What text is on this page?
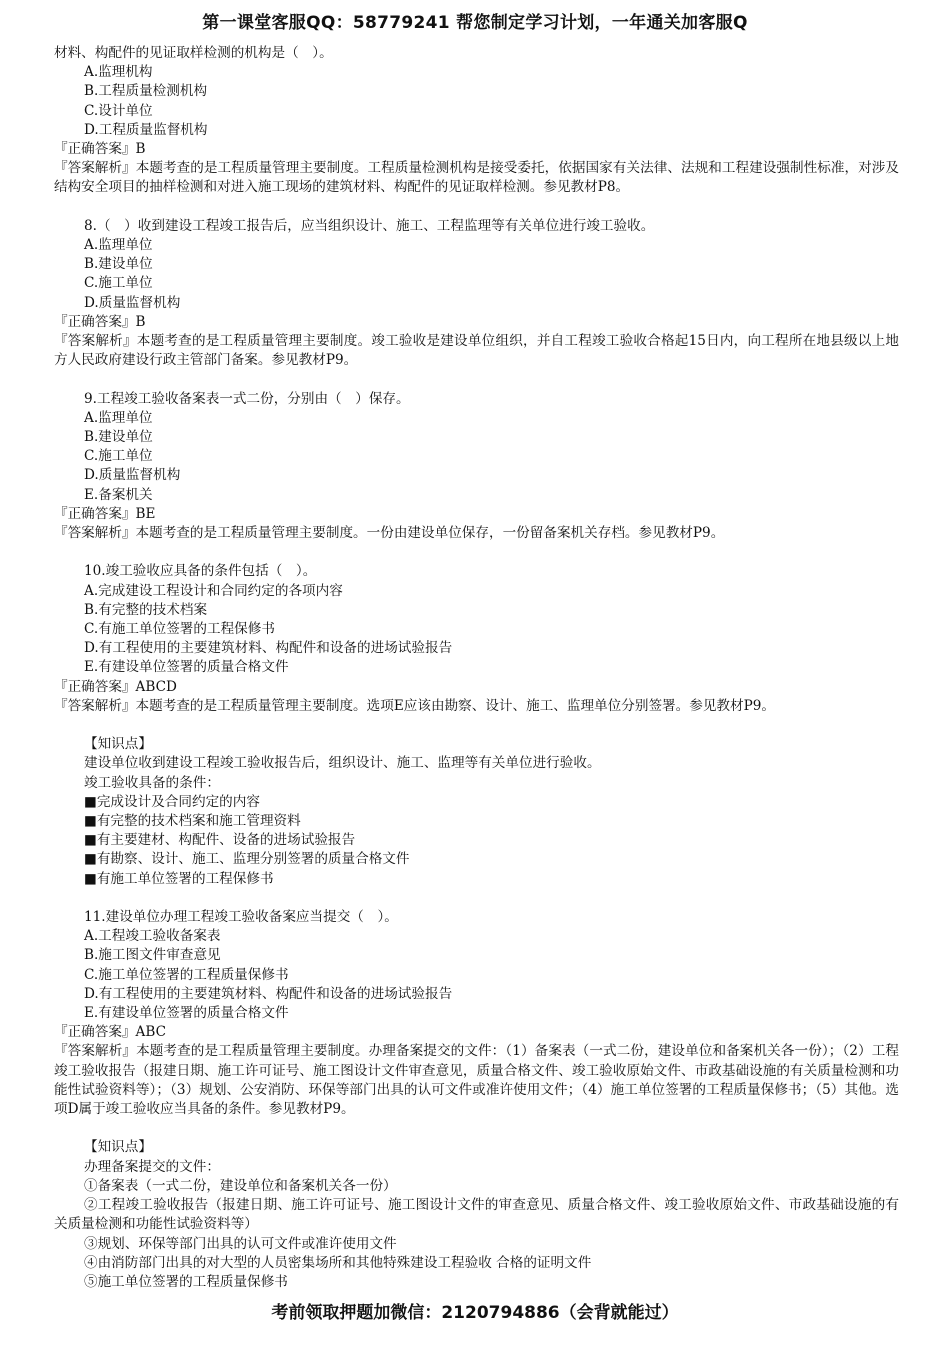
第一课堂客服QQ：58779241 帮您制定学习计划，一年通关加客服Q
材料、构配件的见证取样检测的机构是（　）。
A.监理机构
B.工程质量检测机构
C.设计单位
D.工程质量监督机构
『正确答案』B
『答案解析』本题考查的是工程质量管理主要制度。工程质量检测机构是接受委托，依据国家有关法律、法规和工程建设强制性标准，对涉及结构安全项目的抽样检测和对进入施工现场的建筑材料、构配件的见证取样检测。参见教材P8。
8.（　）收到建设工程竣工报告后，应当组织设计、施工、工程监理等有关单位进行竣工验收。
A.监理单位
B.建设单位
C.施工单位
D.质量监督机构
『正确答案』B
『答案解析』本题考查的是工程质量管理主要制度。竣工验收是建设单位组织，并自工程竣工验收合格起15日内，向工程所在地县级以上地方人民政府建设行政主管部门备案。参见教材P9。
9.工程竣工验收备案表一式二份，分别由（　）保存。
A.监理单位
B.建设单位
C.施工单位
D.质量监督机构
E.备案机关
『正确答案』BE
『答案解析』本题考查的是工程质量管理主要制度。一份由建设单位保存，一份留备案机关存档。参见教材P9。
10.竣工验收应具备的条件包括（　）。
A.完成建设工程设计和合同约定的各项内容
B.有完整的技术档案
C.有施工单位签署的工程保修书
D.有工程使用的主要建筑材料、构配件和设备的进场试验报告
E.有建设单位签署的质量合格文件
『正确答案』ABCD
『答案解析』本题考查的是工程质量管理主要制度。选项E应该由勘察、设计、施工、监理单位分别签署。参见教材P9。
【知识点】
建设单位收到建设工程竣工验收报告后，组织设计、施工、监理等有关单位进行验收。
竣工验收具备的条件：
■完成设计及合同约定的内容
■有完整的技术档案和施工管理资料
■有主要建材、构配件、设备的进场试验报告
■有勘察、设计、施工、监理分别签署的质量合格文件
■有施工单位签署的工程保修书
11.建设单位办理工程竣工验收备案应当提交（　）。
A.工程竣工验收备案表
B.施工图文件审查意见
C.施工单位签署的工程质量保修书
D.有工程使用的主要建筑材料、构配件和设备的进场试验报告
E.有建设单位签署的质量合格文件
『正确答案』ABC
『答案解析』本题考查的是工程质量管理主要制度。办理备案提交的文件：（1）备案表（一式二份，建设单位和备案机关各一份）；（2）工程竣工验收报告（报建日期、施工许可证号、施工图设计文件审查意见，质量合格文件、竣工验收原始文件、市政基础设施的有关质量检测和功能性试验资料等）；（3）规划、公安消防、环保等部门出具的认可文件或准许使用文件；（4）施工单位签署的工程质量保修书；（5）其他。选项D属于竣工验收应当具备的条件。参见教材P9。
【知识点】
办理备案提交的文件：
①备案表（一式二份，建设单位和备案机关各一份）
②工程竣工验收报告（报建日期、施工许可证号、施工图设计文件的审查意见、质量合格文件、竣工验收原始文件、市政基础设施的有关质量检测和功能性试验资料等）
③规划、环保等部门出具的认可文件或准许使用文件
④由消防部门出具的对大型的人员密集场所和其他特殊建设工程验收 合格的证明文件
⑤施工单位签署的工程质量保修书
考前领取押题加微信：2120794886（会背就能过）
